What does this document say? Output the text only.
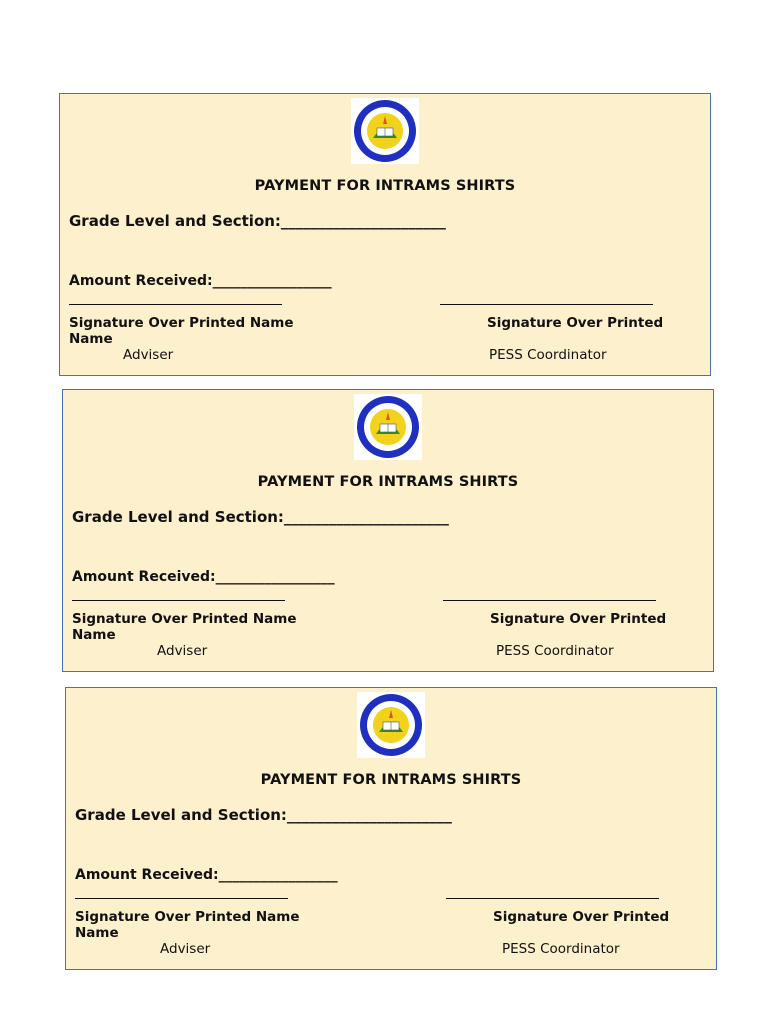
PAYMENT FOR INTRAMS SHIRTS
Grade Level and Section:______________________
Amount Received:_________________
Signature Over Printed Name Name
Signature Over Printed
Adviser	PESS Coordinator
PAYMENT FOR INTRAMS SHIRTS
Grade Level and Section:______________________
Amount Received:_________________
Signature Over Printed Name Name
Signature Over Printed
Adviser	PESS Coordinator
PAYMENT FOR INTRAMS SHIRTS
Grade Level and Section:______________________
Amount Received:_________________
Signature Over Printed Name Name
Signature Over Printed
Adviser	PESS Coordinator
